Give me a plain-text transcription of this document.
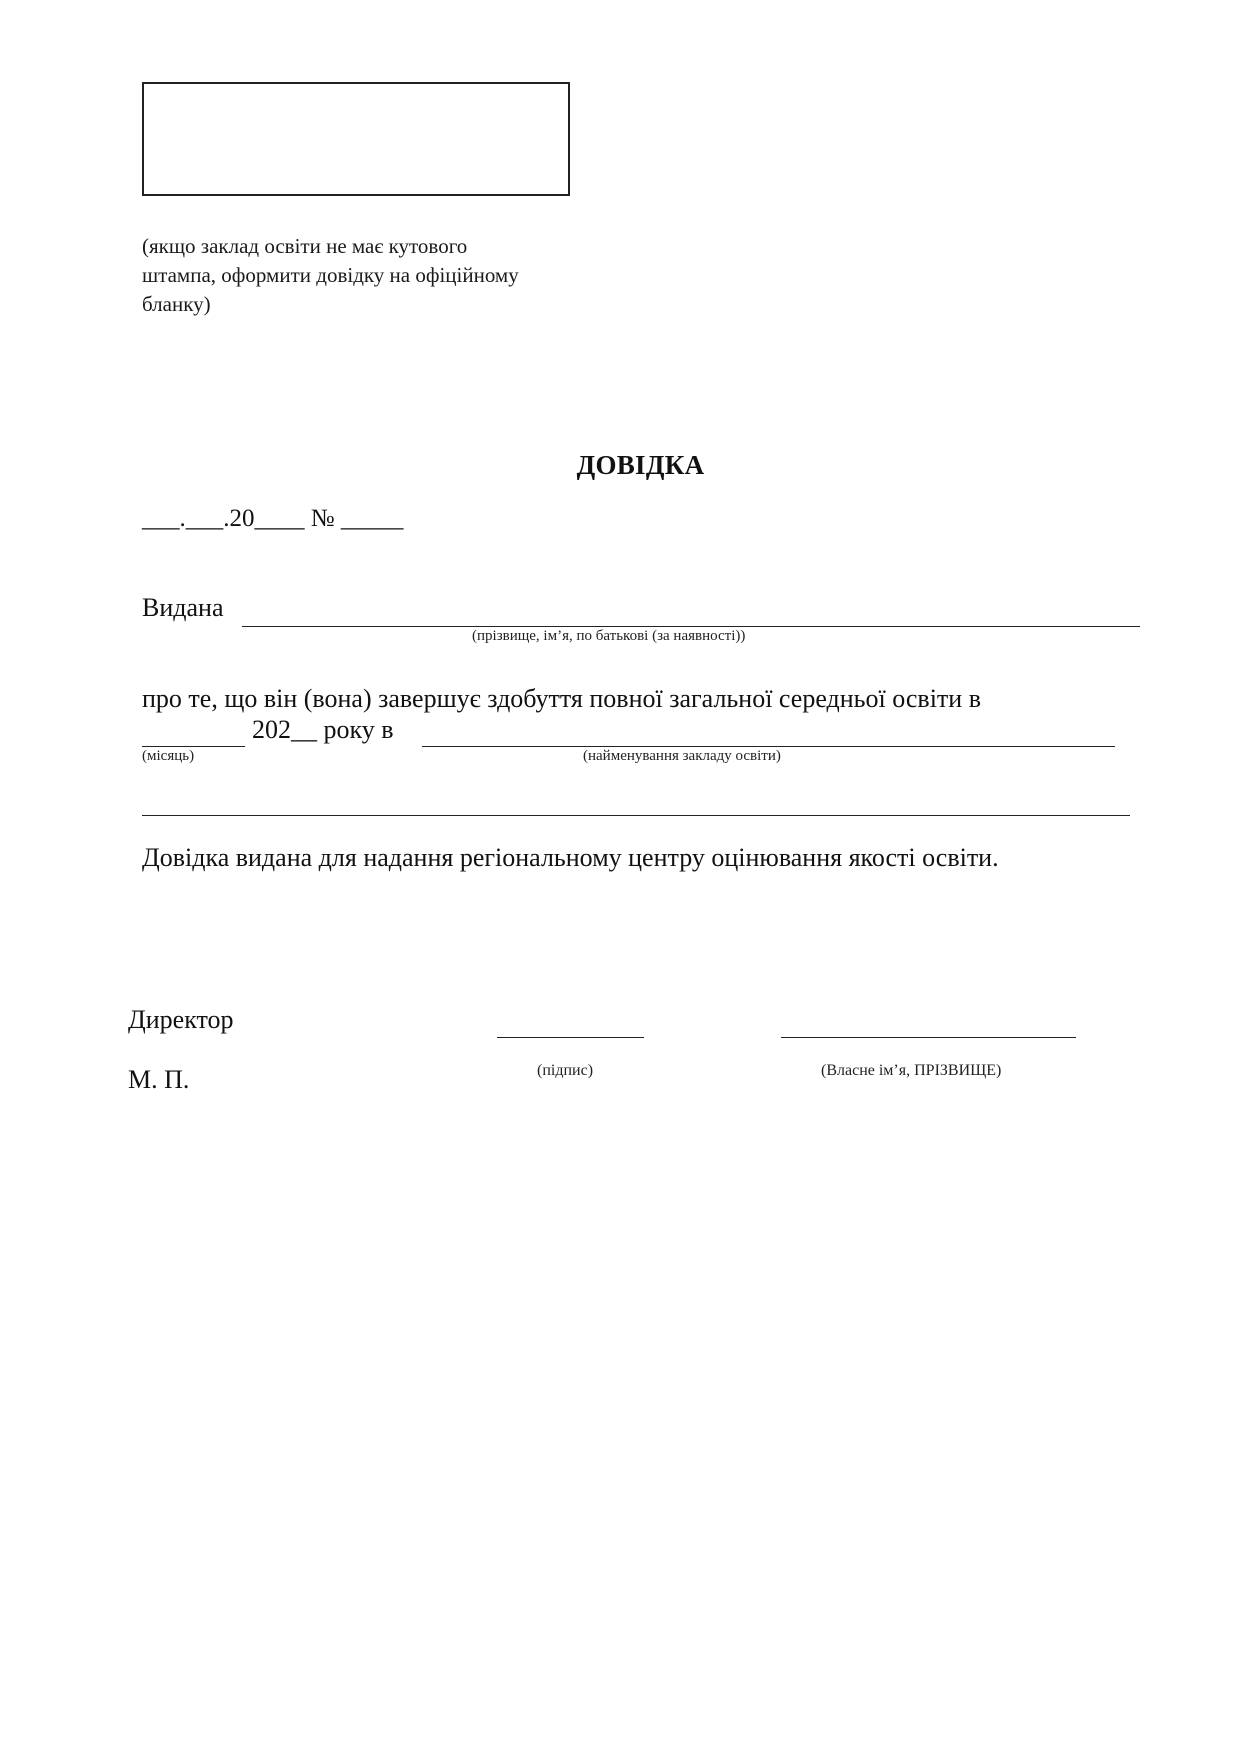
(якщо заклад освіти не має кутового
штампа, оформити довідку на офіційному
бланку)
ДОВІДКА
___.___.20____ № _____
Видана
(прізвище, ім’я, по батькові (за наявності))
про те, що він (вона) завершує здобуття повної загальної середньої освіти в
202__ року в
(місяць)	(найменування закладу освіти)
Довідка видана для надання регіональному центру оцінювання якості освіти.
Директор
(підпис)	(Власне ім’я, ПРІЗВИЩЕ)
М. П.
